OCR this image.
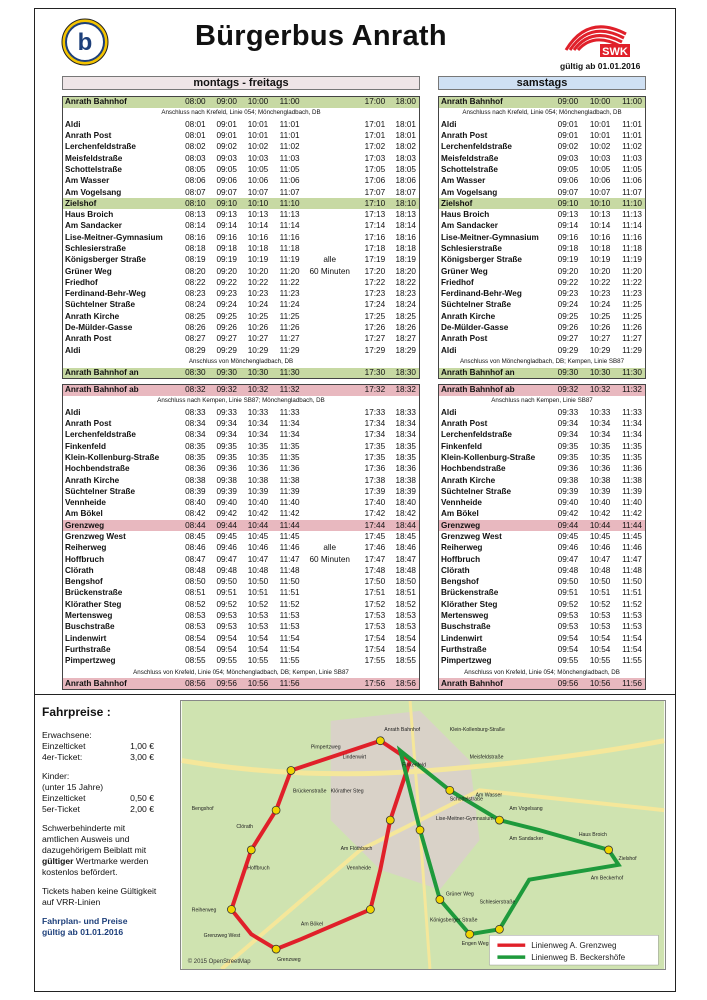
b	Bürgerbus Anrath	SWK
gültig ab 01.01.2016
montags - freitags	samstags
Anrath Bahnhof	08:00	09:00	10:00	11:00		17:00	18:00
Anschluss nach Krefeld, Linie 054; Mönchengladbach, DB							
Aldi	08:01	09:01	10:01	11:01		17:01	18:01
Anrath Post	08:01	09:01	10:01	11:01		17:01	18:01
Lerchenfeldstraße	08:02	09:02	10:02	11:02		17:02	18:02
Meisfeldstraße	08:03	09:03	10:03	11:03		17:03	18:03
Schottelstraße	08:05	09:05	10:05	11:05		17:05	18:05
Am Wasser	08:06	09:06	10:06	11:06		17:06	18:06
Am Vogelsang	08:07	09:07	10:07	11:07		17:07	18:07
Zielshof	08:10	09:10	10:10	11:10		17:10	18:10
Haus Broich	08:13	09:13	10:13	11:13		17:13	18:13
Am Sandacker	08:14	09:14	10:14	11:14		17:14	18:14
Lise-Meitner-Gymnasium	08:16	09:16	10:16	11:16		17:16	18:16
Schlesierstraße	08:18	09:18	10:18	11:18		17:18	18:18
Königsberger Straße	08:19	09:19	10:19	11:19	alle	17:19	18:19
Grüner Weg	08:20	09:20	10:20	11:20	60 Minuten	17:20	18:20
Friedhof	08:22	09:22	10:22	11:22		17:22	18:22
Ferdinand-Behr-Weg	08:23	09:23	10:23	11:23		17:23	18:23
Süchtelner Straße	08:24	09:24	10:24	11:24		17:24	18:24
Anrath Kirche	08:25	09:25	10:25	11:25		17:25	18:25
De-Mülder-Gasse	08:26	09:26	10:26	11:26		17:26	18:26
Anrath Post	08:27	09:27	10:27	11:27		17:27	18:27
Aldi	08:29	09:29	10:29	11:29		17:29	18:29
Anschluss von Mönchengladbach, DB							
Anrath Bahnhof an	08:30	09:30	10:30	11:30		17:30	18:30
Anrath Bahnhof	09:00	10:00	11:00
Anschluss nach Krefeld, Linie 054; Mönchengladbach, DB			
Aldi	09:01	10:01	11:01
Anrath Post	09:01	10:01	11:01
Lerchenfeldstraße	09:02	10:02	11:02
Meisfeldstraße	09:03	10:03	11:03
Schottelstraße	09:05	10:05	11:05
Am Wasser	09:06	10:06	11:06
Am Vogelsang	09:07	10:07	11:07
Zielshof	09:10	10:10	11:10
Haus Broich	09:13	10:13	11:13
Am Sandacker	09:14	10:14	11:14
Lise-Meitner-Gymnasium	09:16	10:16	11:16
Schlesierstraße	09:18	10:18	11:18
Königsberger Straße	09:19	10:19	11:19
Grüner Weg	09:20	10:20	11:20
Friedhof	09:22	10:22	11:22
Ferdinand-Behr-Weg	09:23	10:23	11:23
Süchtelner Straße	09:24	10:24	11:25
Anrath Kirche	09:25	10:25	11:25
De-Mülder-Gasse	09:26	10:26	11:26
Anrath Post	09:27	10:27	11:27
Aldi	09:29	10:29	11:29
Anschluss von Mönchengladbach, DB; Kempen, Linie SB87			
Anrath Bahnhof an	09:30	10:30	11:30
Anrath Bahnhof ab	08:32	09:32	10:32	11:32		17:32	18:32
Anschluss nach Kempen, Linie SB87; Mönchengladbach, DB							
Aldi	08:33	09:33	10:33	11:33		17:33	18:33
Anrath Post	08:34	09:34	10:34	11:34		17:34	18:34
Lerchenfeldstraße	08:34	09:34	10:34	11:34		17:34	18:34
Finkenfeld	08:35	09:35	10:35	11:35		17:35	18:35
Klein-Kollenburg-Straße	08:35	09:35	10:35	11:35		17:35	18:35
Hochbendstraße	08:36	09:36	10:36	11:36		17:36	18:36
Anrath Kirche	08:38	09:38	10:38	11:38		17:38	18:38
Süchtelner Straße	08:39	09:39	10:39	11:39		17:39	18:39
Vennheide	08:40	09:40	10:40	11:40		17:40	18:40
Am Bökel	08:42	09:42	10:42	11:42		17:42	18:42
Grenzweg	08:44	09:44	10:44	11:44		17:44	18:44
Grenzweg West	08:45	09:45	10:45	11:45		17:45	18:45
Reiherweg	08:46	09:46	10:46	11:46	alle	17:46	18:46
Hoffbruch	08:47	09:47	10:47	11:47	60 Minuten	17:47	18:47
Clörath	08:48	09:48	10:48	11:48		17:48	18:48
Bengshof	08:50	09:50	10:50	11:50		17:50	18:50
Brückenstraße	08:51	09:51	10:51	11:51		17:51	18:51
Klörather Steg	08:52	09:52	10:52	11:52		17:52	18:52
Mertensweg	08:53	09:53	10:53	11:53		17:53	18:53
Buschstraße	08:53	09:53	10:53	11:53		17:53	18:53
Lindenwirt	08:54	09:54	10:54	11:54		17:54	18:54
Furthstraße	08:54	09:54	10:54	11:54		17:54	18:54
Pimpertzweg	08:55	09:55	10:55	11:55		17:55	18:55
Anschluss von Krefeld, Linie 054; Mönchengladbach, DB; Kempen, Linie SB87							
Anrath Bahnhof	08:56	09:56	10:56	11:56		17:56	18:56
Anrath Bahnhof ab	09:32	10:32	11:32
Anschluss nach Kempen, Linie SB87			
Aldi	09:33	10:33	11:33
Anrath Post	09:34	10:34	11:34
Lerchenfeldstraße	09:34	10:34	11:34
Finkenfeld	09:35	10:35	11:35
Klein-Kollenburg-Straße	09:35	10:35	11:35
Hochbendstraße	09:36	10:36	11:36
Anrath Kirche	09:38	10:38	11:38
Süchtelner Straße	09:39	10:39	11:39
Vennheide	09:40	10:40	11:40
Am Bökel	09:42	10:42	11:42
Grenzweg	09:44	10:44	11:44
Grenzweg West	09:45	10:45	11:45
Reiherweg	09:46	10:46	11:46
Hoffbruch	09:47	10:47	11:47
Clörath	09:48	10:48	11:48
Bengshof	09:50	10:50	11:50
Brückenstraße	09:51	10:51	11:51
Klörather Steg	09:52	10:52	11:52
Mertensweg	09:53	10:53	11:53
Buschstraße	09:53	10:53	11:53
Lindenwirt	09:54	10:54	11:54
Furthstraße	09:54	10:54	11:54
Pimpertzweg	09:55	10:55	11:55
Anschluss von Krefeld, Linie 054; Mönchengladbach, DB			
Anrath Bahnhof	09:56	10:56	11:56
Fahrpreise :
Erwachsene:
Einzelticket	1,00 €
4er-Ticket:	3,00 €
Kinder:
(unter 15 Jahre)
Einzelticket	0,50 €
5er-Ticket	2,00 €
Schwerbehinderte mit amtlichen Ausweis und dazugehörigem Beiblatt mit gültiger Wertmarke werden kostenlos befördert.
Tickets haben keine Gültigkeit auf VRR-Linien
Fahrplan- und Preise
gültig ab 01.01.2016
Anrath Bahnhof	Klein-Kollenburg-Straße
Pimpertzweg
Meisfeldstraße
Lindenwirt
Finkenfeld
Am Wasser
Am Vogelsang
Schottelstraße
Brückenstraße Klörather Steg
Lise-Meitner-Gymnasium
Haus Broich
Zielshof
Bengshof
Clörath
Am Sandacker
Hoffbruch
Am Flöthbach
Grüner Weg
Reiherweg
Vennheide
Schlesierstraße
Am Bökel
Königsberger Straße
Grenzweg West
Grenzweg
Engen Weg
Am Beckerhof
© 2015 OpenStreetMap
Linienweg A. Grenzweg
Linienweg B. Beckershöfe
